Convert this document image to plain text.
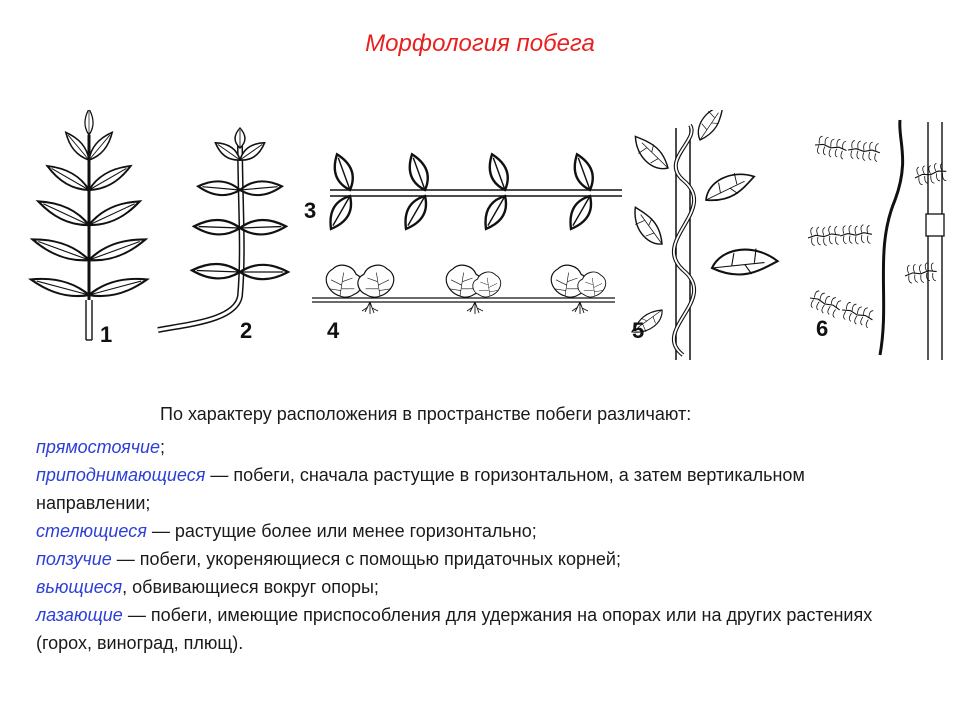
Морфология побега
1	2
3
4	5	6
По характеру расположения в пространстве побеги различают:

прямостоячие;

приподнимающиеся — побеги, сначала растущие в горизонтальном, а затем вертикальном направлении;

стелющиеся — растущие более или менее горизонтально;

ползучие — побеги, укореняющиеся с помощью придаточных корней;

вьющиеся, обвивающиеся вокруг опоры;

лазающие — побеги, имеющие приспособления для удержания на опорах или на других растениях (горох, виноград, плющ).
